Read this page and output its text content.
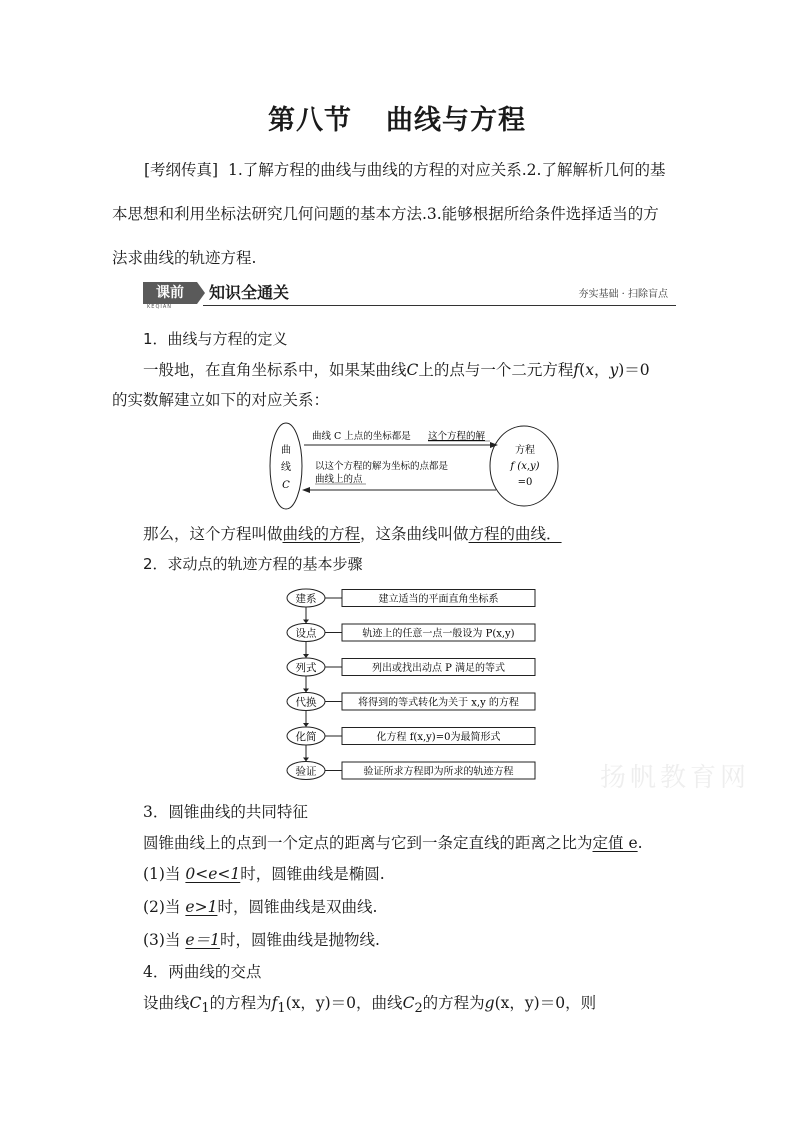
第八节 曲线与方程
[考纲传真] 1.了解方程的曲线与曲线的方程的对应关系.2.了解解析几何的基
本思想和利用坐标法研究几何问题的基本方法.3.能够根据所给条件选择适当的方
法求曲线的轨迹方程.
课前
KEQIAN
知识全通关	夯实基础 · 扫除盲点
1．曲线与方程的定义
一般地，在直角坐标系中，如果某曲线C上的点与一个二元方程f(x，y)＝0
的实数解建立如下的对应关系：
曲
线
C
方程
f (x,y)
=0
曲线 C 上点的坐标都是 这个方程的解
以这个方程的解为坐标的点都是
曲线上的点
那么，这个方程叫做曲线的方程，这条曲线叫做方程的曲线．
2．求动点的轨迹方程的基本步骤
建系	建立适当的平面直角坐标系
设点	轨迹上的任意一点一般设为 P(x,y)
列式	列出或找出动点 P 满足的等式
代换	将得到的等式转化为关于 x,y 的方程
化简	化方程 f(x,y)=0为最简形式
验证	验证所求方程即为所求的轨迹方程	扬帆教育网
3．圆锥曲线的共同特征
圆锥曲线上的点到一个定点的距离与它到一条定直线的距离之比为定值 e.
(1)当 0<e<1时，圆锥曲线是椭圆.
(2)当 e>1时，圆锥曲线是双曲线.
(3)当 e＝1时，圆锥曲线是抛物线.
4．两曲线的交点
设曲线$C_1$的方程为$f_1(x$，y)＝0，曲线$C_2$的方程为g(x，y)＝0，则
